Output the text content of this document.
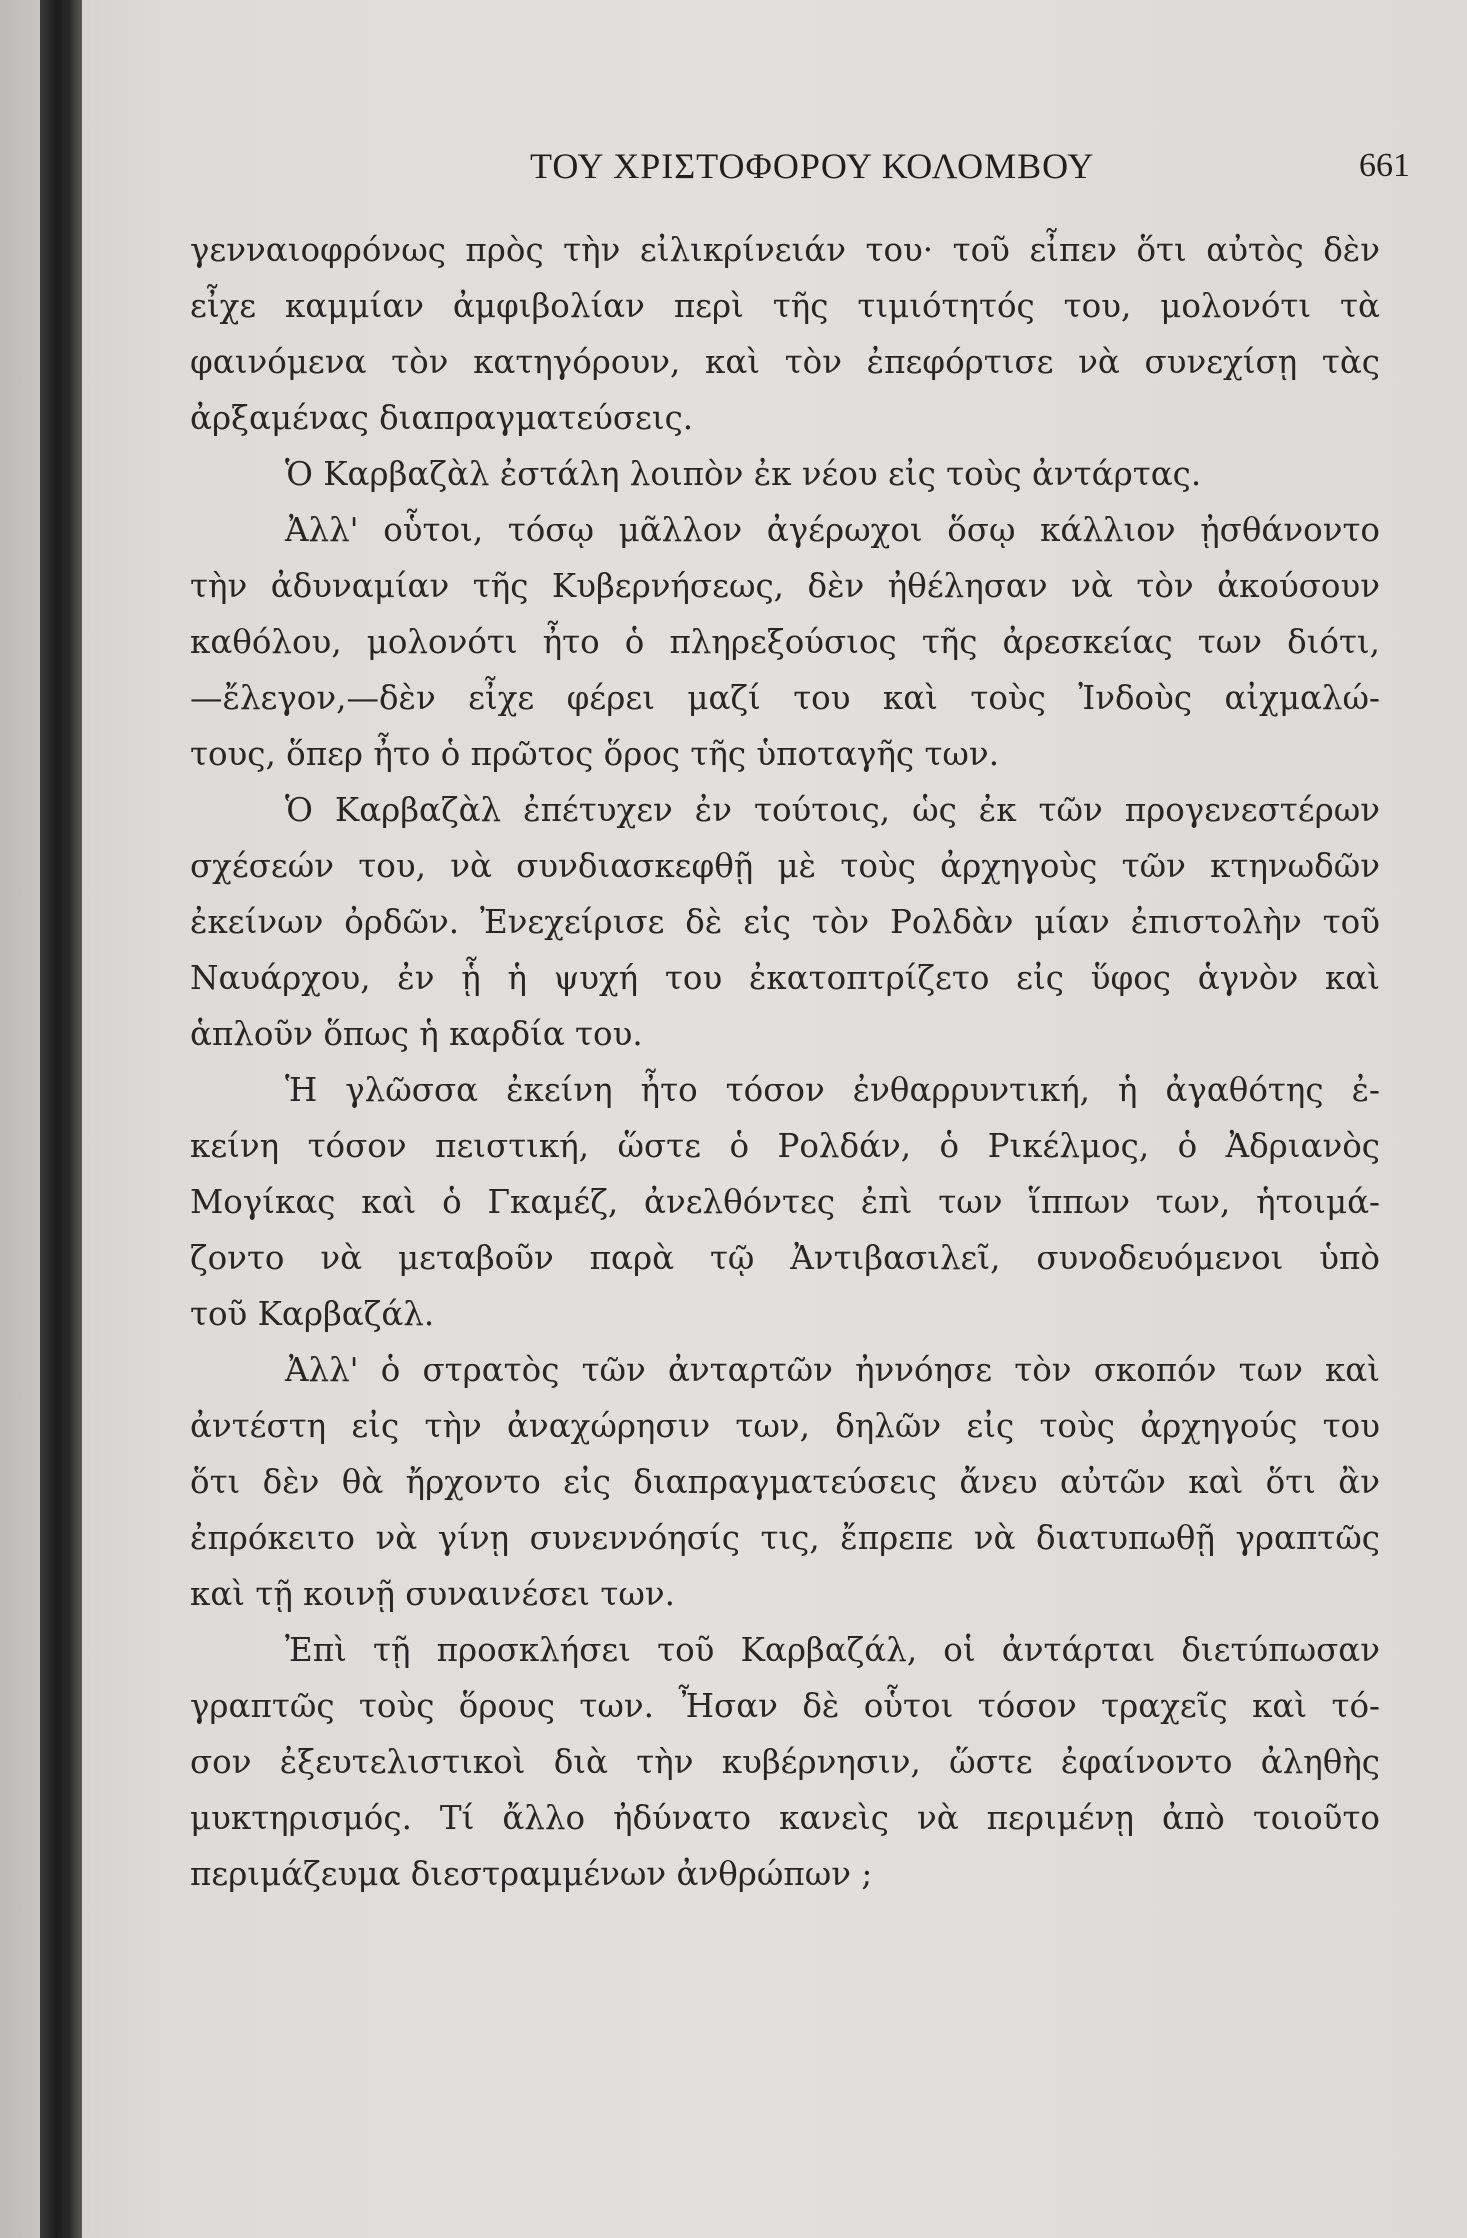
ΤΟΥ ΧΡΙΣΤΟΦΟΡΟΥ ΚΟΛΟΜΒΟΥ	661
γενναιοφρόνως πρὸς τὴν εἰλικρίνειάν του· τοῦ εἶπεν ὅτι αὐτὸς δὲν
εἶχε καμμίαν ἀμφιβολίαν περὶ τῆς τιμιότητός του, μολονότι τὰ
φαινόμενα τὸν κατηγόρουν, καὶ τὸν ἐπεφόρτισε νὰ συνεχίσῃ τὰς
ἀρξαμένας διαπραγματεύσεις.
Ὁ Καρβαζὰλ ἐστάλη λοιπὸν ἐκ νέου εἰς τοὺς ἀντάρτας.
Ἀλλ' οὗτοι, τόσῳ μᾶλλον ἀγέρωχοι ὅσῳ κάλλιον ᾐσθάνοντο
τὴν ἀδυναμίαν τῆς Κυβερνήσεως, δὲν ἠθέλησαν νὰ τὸν ἀκούσουν
καθόλου, μολονότι ἦτο ὁ πληρεξούσιος τῆς ἀρεσκείας των διότι,
—ἔλεγον,—δὲν εἶχε φέρει μαζί του καὶ τοὺς Ἰνδοὺς αἰχμαλώ-
τους, ὅπερ ἦτο ὁ πρῶτος ὅρος τῆς ὑποταγῆς των.
Ὁ Καρβαζὰλ ἐπέτυχεν ἐν τούτοις, ὡς ἐκ τῶν προγενεστέρων
σχέσεών του, νὰ συνδιασκεφθῇ μὲ τοὺς ἀρχηγοὺς τῶν κτηνωδῶν
ἐκείνων ὀρδῶν. Ἐνεχείρισε δὲ εἰς τὸν Ρολδὰν μίαν ἐπιστολὴν τοῦ
Ναυάρχου, ἐν ᾗ ἡ ψυχή του ἐκατοπτρίζετο εἰς ὕφος ἁγνὸν καὶ
ἁπλοῦν ὅπως ἡ καρδία του.
Ἡ γλῶσσα ἐκείνη ἦτο τόσον ἐνθαρρυντική, ἡ ἀγαθότης ἐ-
κείνη τόσον πειστική, ὥστε ὁ Ρολδάν, ὁ Ρικέλμος, ὁ Ἀδριανὸς
Μογίκας καὶ ὁ Γκαμέζ, ἀνελθόντες ἐπὶ των ἵππων των, ἡτοιμά-
ζοντο νὰ μεταβοῦν παρὰ τῷ Ἀντιβασιλεῖ, συνοδευόμενοι ὑπὸ
τοῦ Καρβαζάλ.
Ἀλλ' ὁ στρατὸς τῶν ἀνταρτῶν ἠννόησε τὸν σκοπόν των καὶ
ἀντέστη εἰς τὴν ἀναχώρησιν των, δηλῶν εἰς τοὺς ἀρχηγούς του
ὅτι δὲν θὰ ἤρχοντο εἰς διαπραγματεύσεις ἄνευ αὐτῶν καὶ ὅτι ἂν
ἐπρόκειτο νὰ γίνῃ συνεννόησίς τις, ἔπρεπε νὰ διατυπωθῇ γραπτῶς
καὶ τῇ κοινῇ συναινέσει των.
Ἐπὶ τῇ προσκλήσει τοῦ Καρβαζάλ, οἱ ἀντάρται διετύπωσαν
γραπτῶς τοὺς ὅρους των. Ἦσαν δὲ οὗτοι τόσον τραχεῖς καὶ τό-
σον ἐξευτελιστικοὶ διὰ τὴν κυβέρνησιν, ὥστε ἐφαίνοντο ἀληθὴς
μυκτηρισμός. Τί ἄλλο ἠδύνατο κανεὶς νὰ περιμένῃ ἀπὸ τοιοῦτο
περιμάζευμα διεστραμμένων ἀνθρώπων ;
